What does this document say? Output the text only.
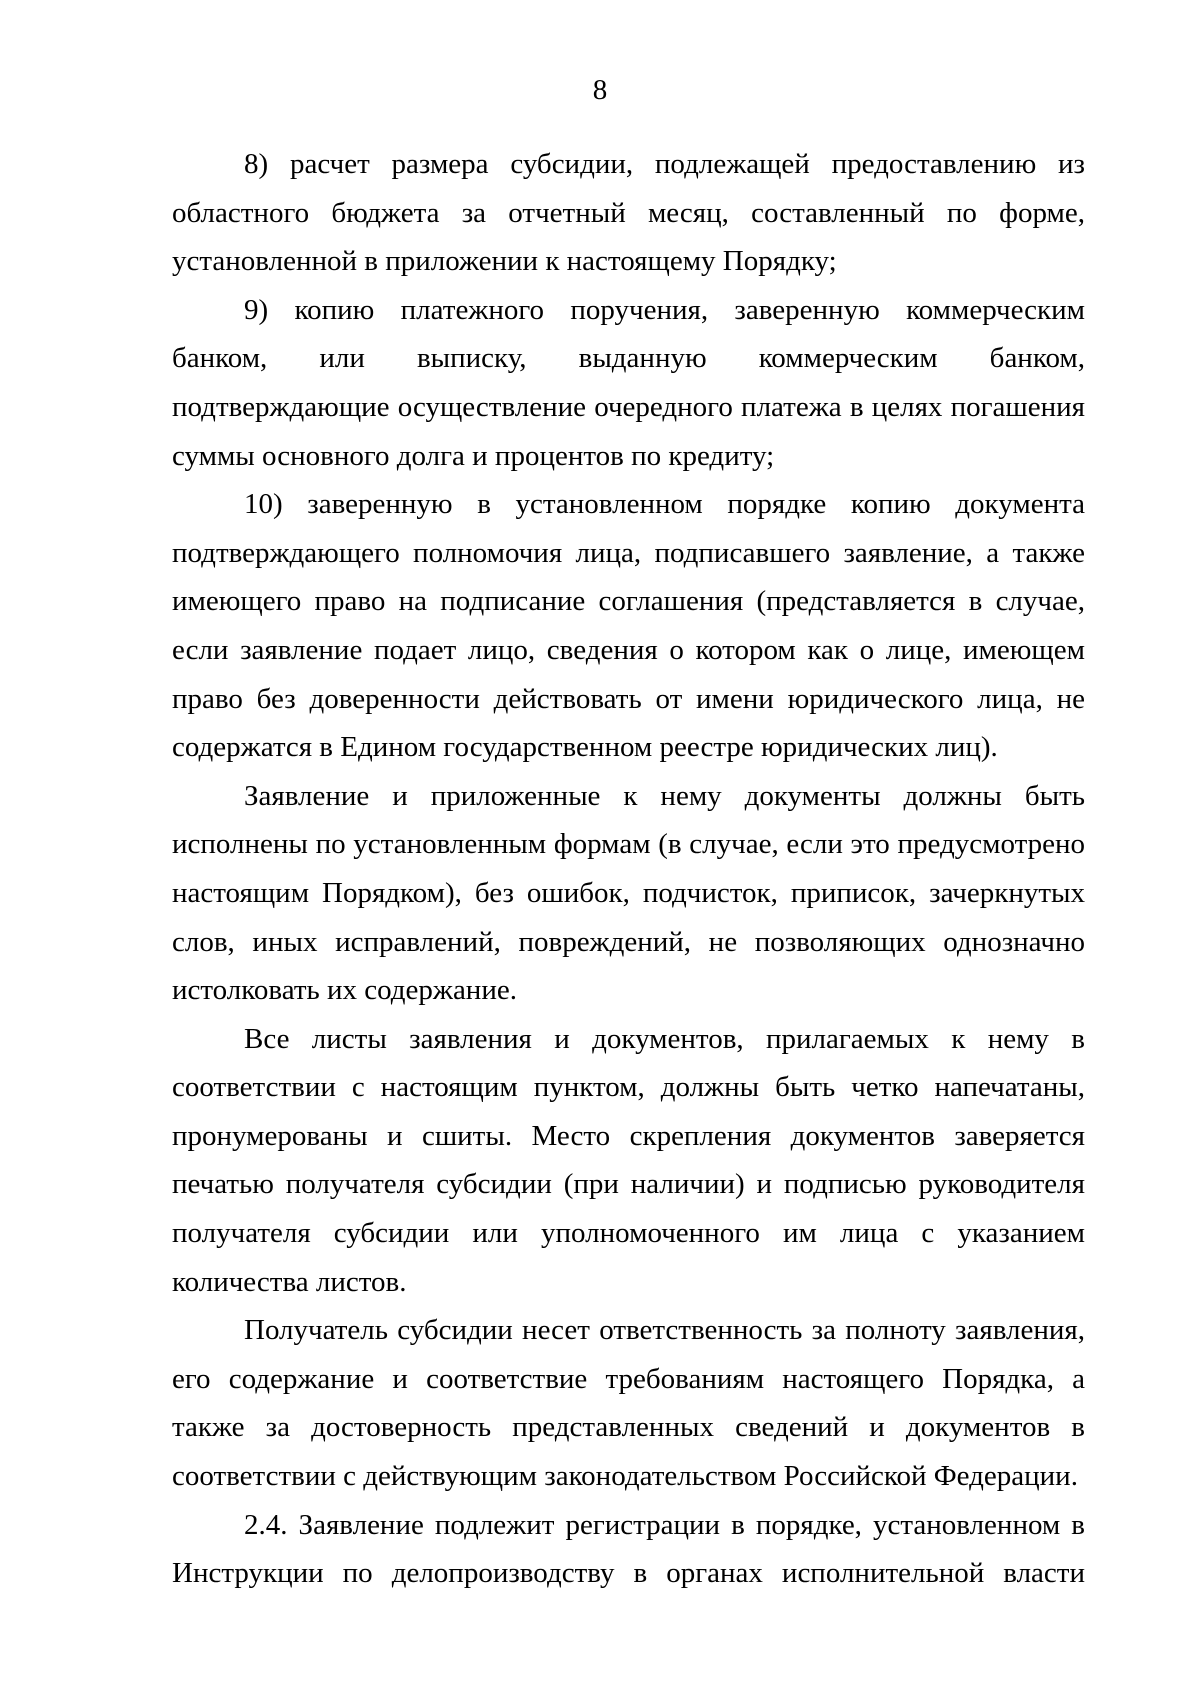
8

8) расчет размера субсидии, подлежащей предоставлению из областного бюджета за отчетный месяц, составленный по форме, установленной в приложении к настоящему Порядку;

9) копию платежного поручения, заверенную коммерческим банком, или выписку, выданную коммерческим банком, подтверждающие осуществление очередного платежа в целях погашения суммы основного долга и процентов по кредиту;

10) заверенную в установленном порядке копию документа подтверждающего полномочия лица, подписавшего заявление, а также имеющего право на подписание соглашения (представляется в случае, если заявление подает лицо, сведения о котором как о лице, имеющем право без доверенности действовать от имени юридического лица, не содержатся в Едином государственном реестре юридических лиц).

Заявление и приложенные к нему документы должны быть исполнены по установленным формам (в случае, если это предусмотрено настоящим Порядком), без ошибок, подчисток, приписок, зачеркнутых слов, иных исправлений, повреждений, не позволяющих однозначно истолковать их содержание.

Все листы заявления и документов, прилагаемых к нему в соответствии с настоящим пунктом, должны быть четко напечатаны, пронумерованы и сшиты. Место скрепления документов заверяется печатью получателя субсидии (при наличии) и подписью руководителя получателя субсидии или уполномоченного им лица с указанием количества листов.

Получатель субсидии несет ответственность за полноту заявления, его содержание и соответствие требованиям настоящего Порядка, а также за достоверность представленных сведений и документов в соответствии с действующим законодательством Российской Федерации.

2.4. Заявление подлежит регистрации в порядке, установленном в Инструкции по делопроизводству в органах исполнительной власти
